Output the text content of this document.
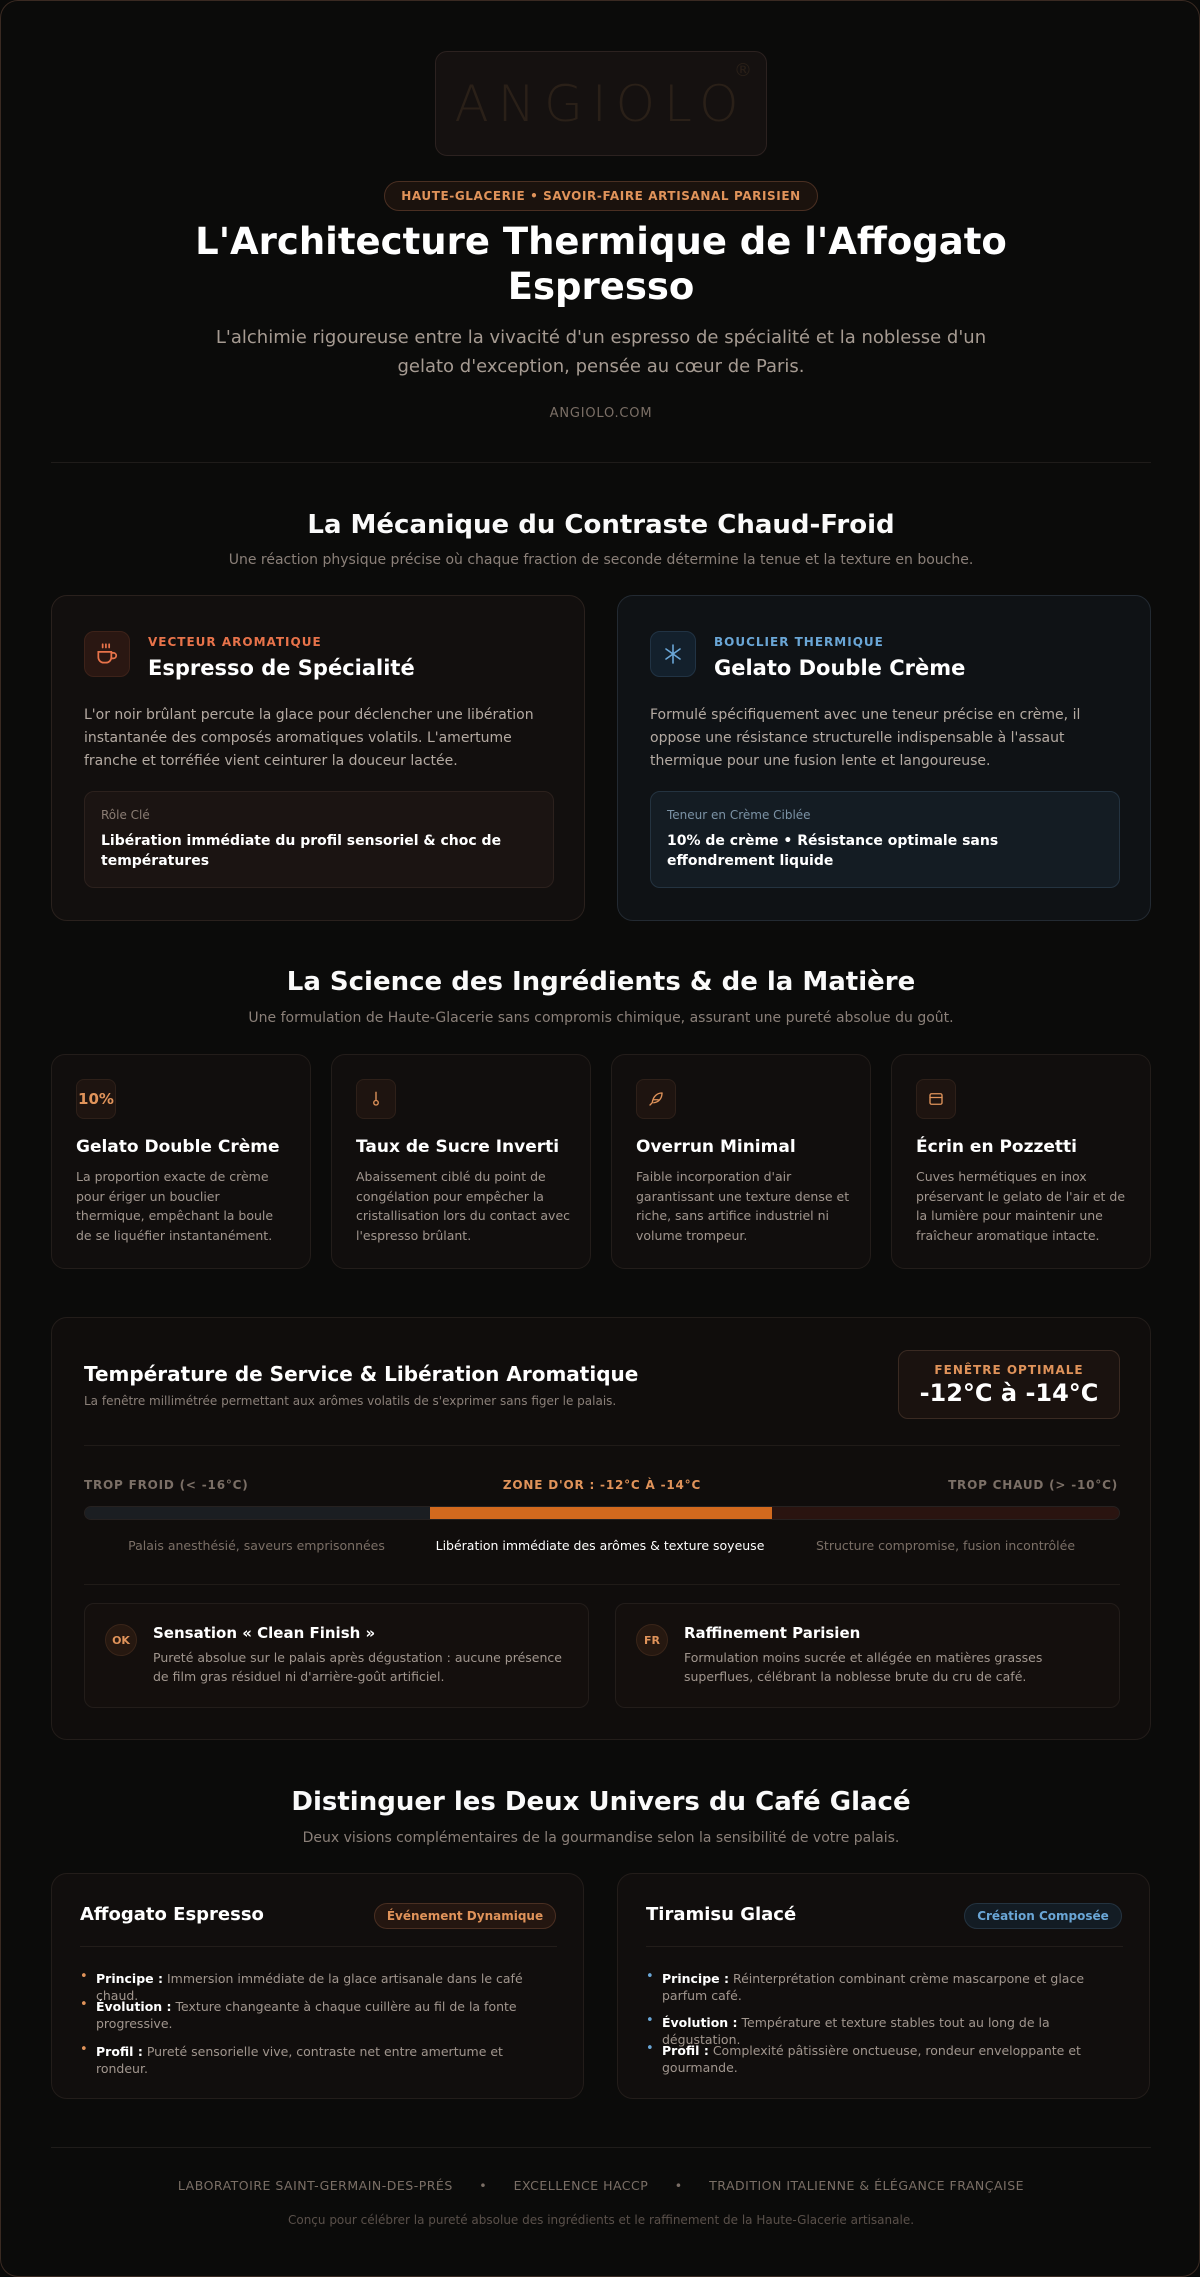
ANGIOLO
®
HAUTE-GLACERIE • SAVOIR-FAIRE ARTISANAL PARISIEN
L'Architecture Thermique de l'Affogato Espresso
L'alchimie rigoureuse entre la vivacité d'un espresso de spécialité et la noblesse d'un gelato d'exception, pensée au cœur de Paris.
ANGIOLO.COM
La Mécanique du Contraste Chaud-Froid
Une réaction physique précise où chaque fraction de seconde détermine la tenue et la texture en bouche.
VECTEUR AROMATIQUE
Espresso de Spécialité
L'or noir brûlant percute la glace pour déclencher une libération instantanée des composés aromatiques volatils. L'amertume franche et torréfiée vient ceinturer la douceur lactée.
Rôle Clé
Libération immédiate du profil sensoriel & choc de températures
BOUCLIER THERMIQUE
Gelato Double Crème
Formulé spécifiquement avec une teneur précise en crème, il oppose une résistance structurelle indispensable à l'assaut thermique pour une fusion lente et langoureuse.
Teneur en Crème Ciblée
10% de crème • Résistance optimale sans effondrement liquide
La Science des Ingrédients & de la Matière
Une formulation de Haute-Glacerie sans compromis chimique, assurant une pureté absolue du goût.
10%
Gelato Double Crème
La proportion exacte de crème pour ériger un bouclier thermique, empêchant la boule de se liquéfier instantanément.
Taux de Sucre Inverti
Abaissement ciblé du point de congélation pour empêcher la cristallisation lors du contact avec l'espresso brûlant.
Overrun Minimal
Faible incorporation d'air garantissant une texture dense et riche, sans artifice industriel ni volume trompeur.
Écrin en Pozzetti
Cuves hermétiques en inox préservant le gelato de l'air et de la lumière pour maintenir une fraîcheur aromatique intacte.
Température de Service & Libération Aromatique
La fenêtre millimétrée permettant aux arômes volatils de s'exprimer sans figer le palais.
FENÊTRE OPTIMALE
-12°C à -14°C
TROP FROID (< -16°C)	ZONE D'OR : -12°C À -14°C	TROP CHAUD (> -10°C)
Palais anesthésié, saveurs emprisonnées	Libération immédiate des arômes & texture soyeuse	Structure compromise, fusion incontrôlée
OK	Sensation « Clean Finish »
Pureté absolue sur le palais après dégustation : aucune présence de film gras résiduel ni d'arrière-goût artificiel.
FR	Raffinement Parisien
Formulation moins sucrée et allégée en matières grasses superflues, célébrant la noblesse brute du cru de café.
Distinguer les Deux Univers du Café Glacé
Deux visions complémentaires de la gourmandise selon la sensibilité de votre palais.
Affogato Espresso	Événement Dynamique
• Principe : Immersion immédiate de la glace artisanale dans le café chaud.
• Évolution : Texture changeante à chaque cuillère au fil de la fonte progressive.
• Profil : Pureté sensorielle vive, contraste net entre amertume et rondeur.
Tiramisu Glacé	Création Composée
• Principe : Réinterprétation combinant crème mascarpone et glace parfum café.
• Évolution : Température et texture stables tout au long de la dégustation.
• Profil : Complexité pâtissière onctueuse, rondeur enveloppante et gourmande.
LABORATOIRE SAINT-GERMAIN-DES-PRÉS • EXCELLENCE HACCP • TRADITION ITALIENNE & ÉLÉGANCE FRANÇAISE
Conçu pour célébrer la pureté absolue des ingrédients et le raffinement de la Haute-Glacerie artisanale.
